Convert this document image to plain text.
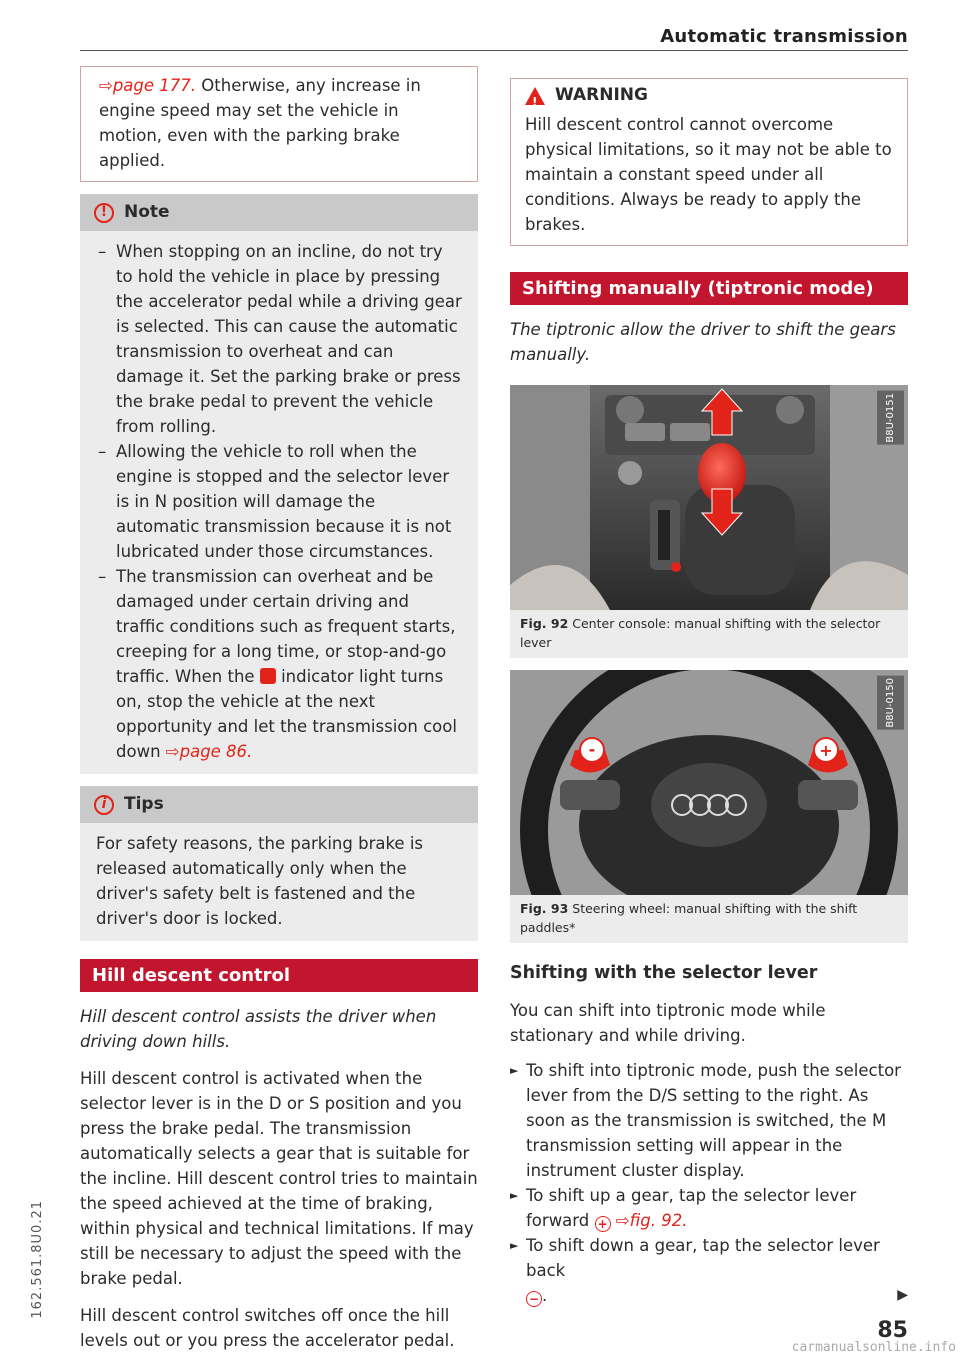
Automatic transmission
⇨page 177. Otherwise, any increase in engine speed may set the vehicle in motion, even with the parking brake applied.
! Note
– When stopping on an incline, do not try to hold the vehicle in place by pressing the accelerator pedal while a driving gear is selected. This can cause the automatic transmission to overheat and can damage it. Set the parking brake or press the brake pedal to prevent the vehicle from rolling.
– Allowing the vehicle to roll when the engine is stopped and the selector lever is in N position will damage the automatic transmission because it is not lubricated under those circumstances.
– The transmission can overheat and be damaged under certain driving and traffic conditions such as frequent starts, creeping for a long time, or stop-and-go traffic. When the  indicator light turns on, stop the vehicle at the next opportunity and let the transmission cool down ⇨page 86.
i	Tips
For safety reasons, the parking brake is released automatically only when the driver's safety belt is fastened and the driver's door is locked.
Hill descent control

Hill descent control assists the driver when driving down hills.

Hill descent control is activated when the selector lever is in the D or S position and you press the brake pedal. The transmission automatically selects a gear that is suitable for the incline. Hill descent control tries to maintain the speed achieved at the time of braking, within physical and technical limitations. If may still be necessary to adjust the speed with the brake pedal.

Hill descent control switches off once the hill levels out or you press the accelerator pedal.

! WARNING
Hill descent control cannot overcome physical limitations, so it may not be able to maintain a constant speed under all conditions. Always be ready to apply the brakes.
Shifting manually (tiptronic mode)

The tiptronic allow the driver to shift the gears manually.

B8U-0151
Fig. 92 Center console: manual shifting with the selector lever
-	+
B8U-0150
Fig. 93 Steering wheel: manual shifting with the shift paddles*
Shifting with the selector lever

You can shift into tiptronic mode while stationary and while driving.

► To shift into tiptronic mode, push the selector lever from the D/S setting to the right. As soon as the transmission is switched, the M transmission setting will appear in the instrument cluster display.
► To shift up a gear, tap the selector lever forward + ⇨fig. 92.
► To shift down a gear, tap the selector lever back
− .	▶
85
162.561.8U0.21
carmanualsonline.info
